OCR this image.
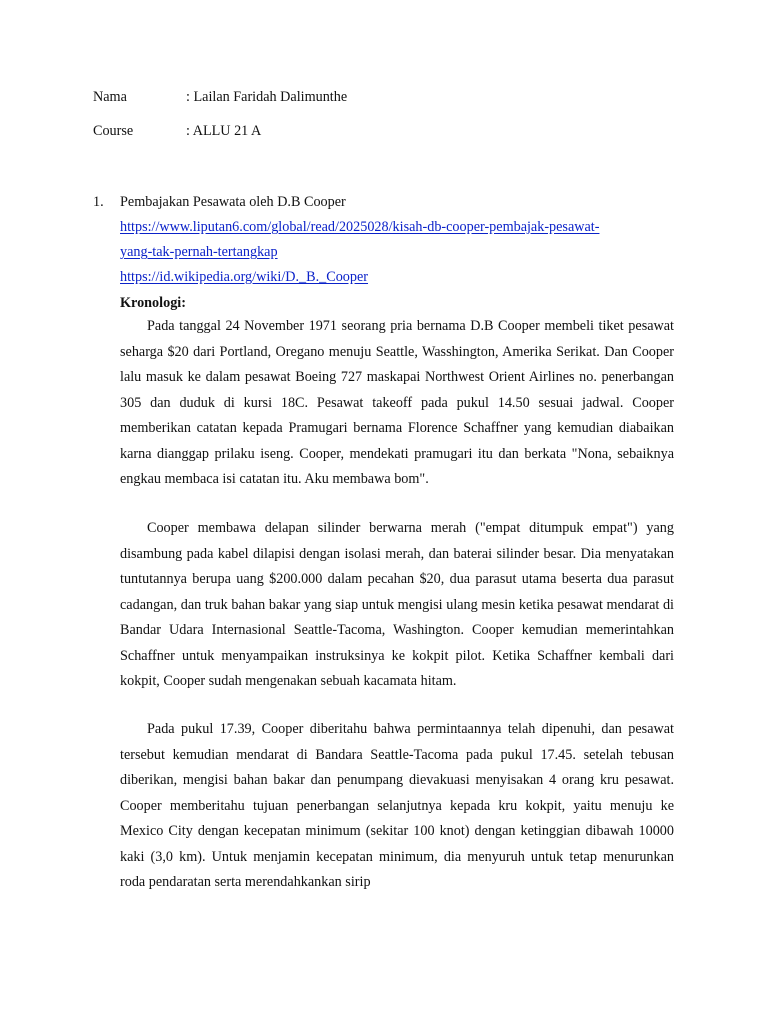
Nama	: Lailan Faridah Dalimunthe
Course	: ALLU 21 A
1. Pembajakan Pesawata oleh D.B Cooper
https://www.liputan6.com/global/read/2025028/kisah-db-cooper-pembajak-pesawat-
yang-tak-pernah-tertangkap
https://id.wikipedia.org/wiki/D._B._Cooper
Kronologi:

Pada tanggal 24 November 1971 seorang pria bernama D.B Cooper membeli tiket pesawat seharga $20 dari Portland, Oregano menuju Seattle, Wasshington, Amerika Serikat. Dan Cooper lalu masuk ke dalam pesawat Boeing 727 maskapai Northwest Orient Airlines no. penerbangan 305 dan duduk di kursi 18C. Pesawat takeoff pada pukul 14.50 sesuai jadwal. Cooper memberikan catatan kepada Pramugari bernama Florence Schaffner yang kemudian diabaikan karna dianggap prilaku iseng. Cooper, mendekati pramugari itu dan berkata "Nona, sebaiknya engkau membaca isi catatan itu. Aku membawa bom".

Cooper membawa delapan silinder berwarna merah ("empat ditumpuk empat") yang disambung pada kabel dilapisi dengan isolasi merah, dan baterai silinder besar. Dia menyatakan tuntutannya berupa uang $200.000 dalam pecahan $20, dua parasut utama beserta dua parasut cadangan, dan truk bahan bakar yang siap untuk mengisi ulang mesin ketika pesawat mendarat di Bandar Udara Internasional Seattle-Tacoma, Washington. Cooper kemudian memerintahkan Schaffner untuk menyampaikan instruksinya ke kokpit pilot. Ketika Schaffner kembali dari kokpit, Cooper sudah mengenakan sebuah kacamata hitam.

Pada pukul 17.39, Cooper diberitahu bahwa permintaannya telah dipenuhi, dan pesawat tersebut kemudian mendarat di Bandara Seattle-Tacoma pada pukul 17.45. setelah tebusan diberikan, mengisi bahan bakar dan penumpang dievakuasi menyisakan 4 orang kru pesawat. Cooper memberitahu tujuan penerbangan selanjutnya kepada kru kokpit, yaitu menuju ke Mexico City dengan kecepatan minimum (sekitar 100 knot) dengan ketinggian dibawah 10000 kaki (3,0 km). Untuk menjamin kecepatan minimum, dia menyuruh untuk tetap menurunkan roda pendaratan serta merendahkankan sirip
